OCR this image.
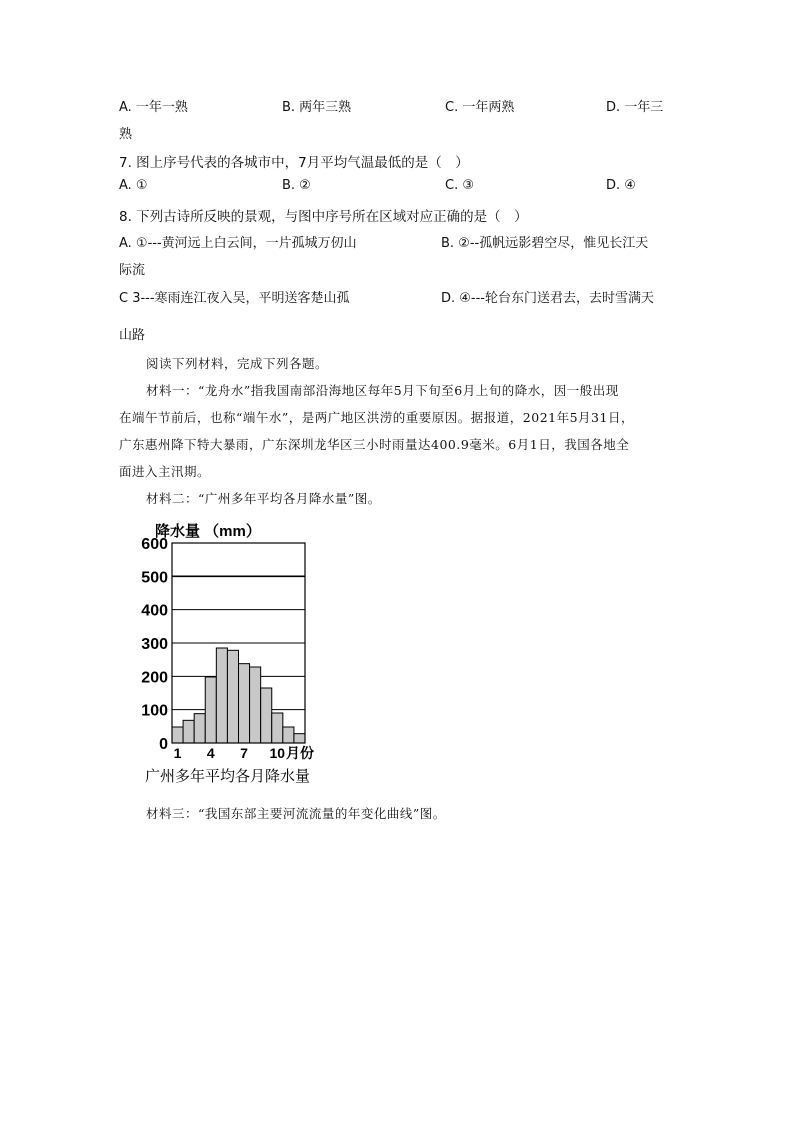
A. 一年一熟	B. 两年三熟	C. 一年两熟	D. 一年三
熟
7. 图上序号代表的各城市中，7月平均气温最低的是（　）
A. ①	B. ②	C. ③	D. ④
8. 下列古诗所反映的景观，与图中序号所在区域对应正确的是（　）
A. ①---黄河远上白云间，一片孤城万仞山	B. ②--孤帆远影碧空尽，惟见长江天
际流
C 3---寒雨连江夜入吴，平明送客楚山孤	D. ④---轮台东门送君去，去时雪满天
山路
阅读下列材料，完成下列各题。
材料一：“龙舟水”指我国南部沿海地区每年5月下旬至6月上旬的降水，因一般出现
在端午节前后，也称“端午水”，是两广地区洪涝的重要原因。据报道，2021年5月31日，
广东惠州降下特大暴雨，广东深圳龙华区三小时雨量达400.9毫米。6月1日，我国各地全
面进入主汛期。
材料二：“广州多年平均各月降水量”图。
降水量 （mm）
0
100
200
300
400
500
600
1 4 7 10 月份
广州多年平均各月降水量
材料三：“我国东部主要河流流量的年变化曲线”图。
